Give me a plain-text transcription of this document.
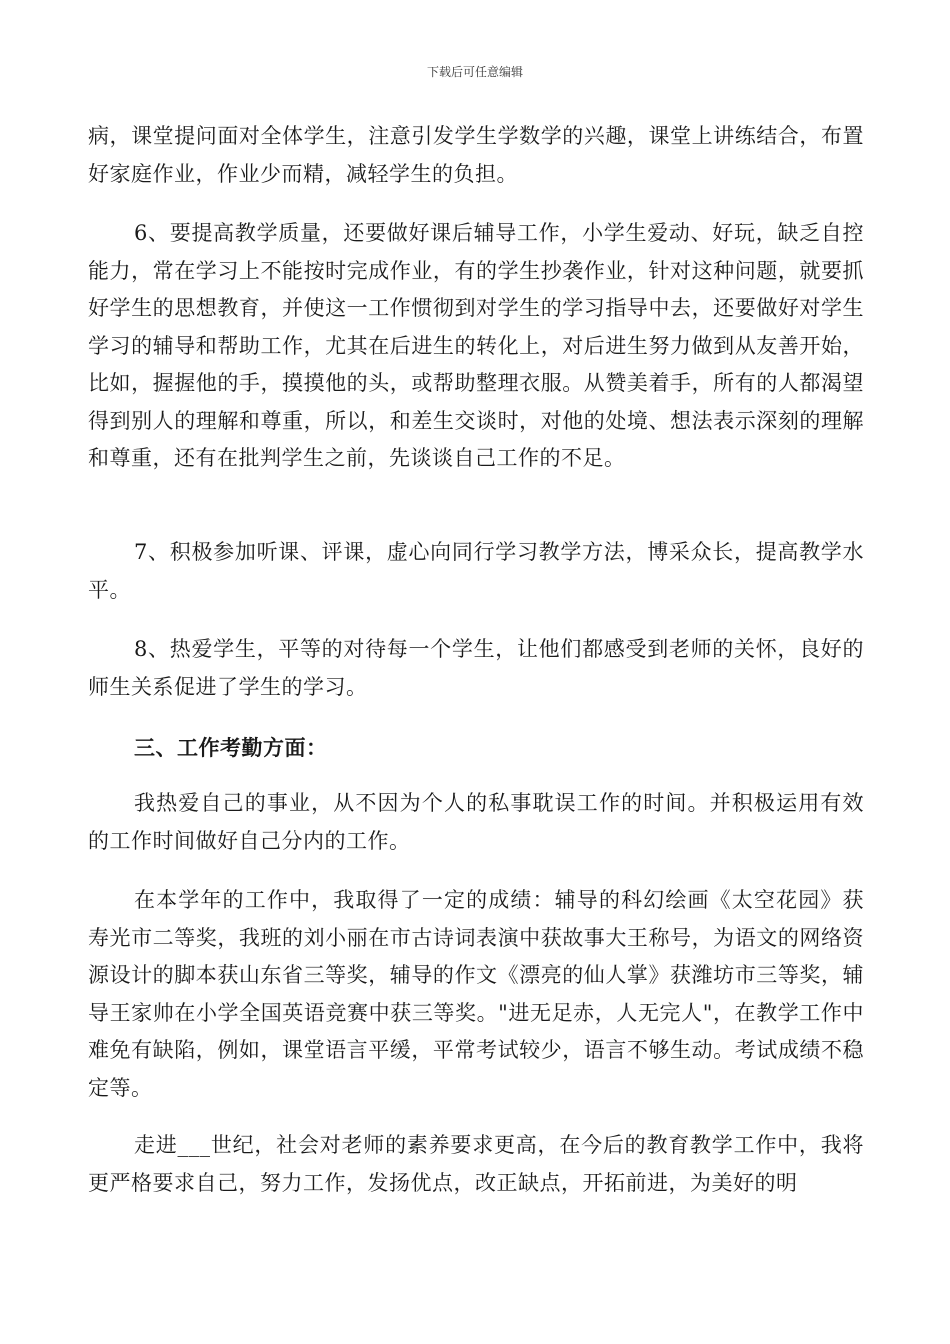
下载后可任意编辑

病，课堂提问面对全体学生，注意引发学生学数学的兴趣，课堂上讲练结合，布置好家庭作业，作业少而精，减轻学生的负担。

6、要提高教学质量，还要做好课后辅导工作，小学生爱动、好玩，缺乏自控能力，常在学习上不能按时完成作业，有的学生抄袭作业，针对这种问题，就要抓好学生的思想教育，并使这一工作惯彻到对学生的学习指导中去，还要做好对学生学习的辅导和帮助工作，尤其在后进生的转化上，对后进生努力做到从友善开始，比如，握握他的手，摸摸他的头，或帮助整理衣服。从赞美着手，所有的人都渴望得到别人的理解和尊重，所以，和差生交谈时，对他的处境、想法表示深刻的理解和尊重，还有在批判学生之前，先谈谈自己工作的不足。

7、积极参加听课、评课，虚心向同行学习教学方法，博采众长，提高教学水平。

8、热爱学生，平等的对待每一个学生，让他们都感受到老师的关怀，良好的师生关系促进了学生的学习。

三、工作考勤方面：

我热爱自己的事业，从不因为个人的私事耽误工作的时间。并积极运用有效的工作时间做好自己分内的工作。

在本学年的工作中，我取得了一定的成绩：辅导的科幻绘画《太空花园》获寿光市二等奖，我班的刘小丽在市古诗词表演中获故事大王称号，为语文的网络资源设计的脚本获山东省三等奖，辅导的作文《漂亮的仙人掌》获潍坊市三等奖，辅导王家帅在小学全国英语竞赛中获三等奖。"进无足赤，人无完人"，在教学工作中难免有缺陷，例如，课堂语言平缓，平常考试较少，语言不够生动。考试成绩不稳定等。

走进___世纪，社会对老师的素养要求更高，在今后的教育教学工作中，我将更严格要求自己，努力工作，发扬优点，改正缺点，开拓前进，为美好的明
